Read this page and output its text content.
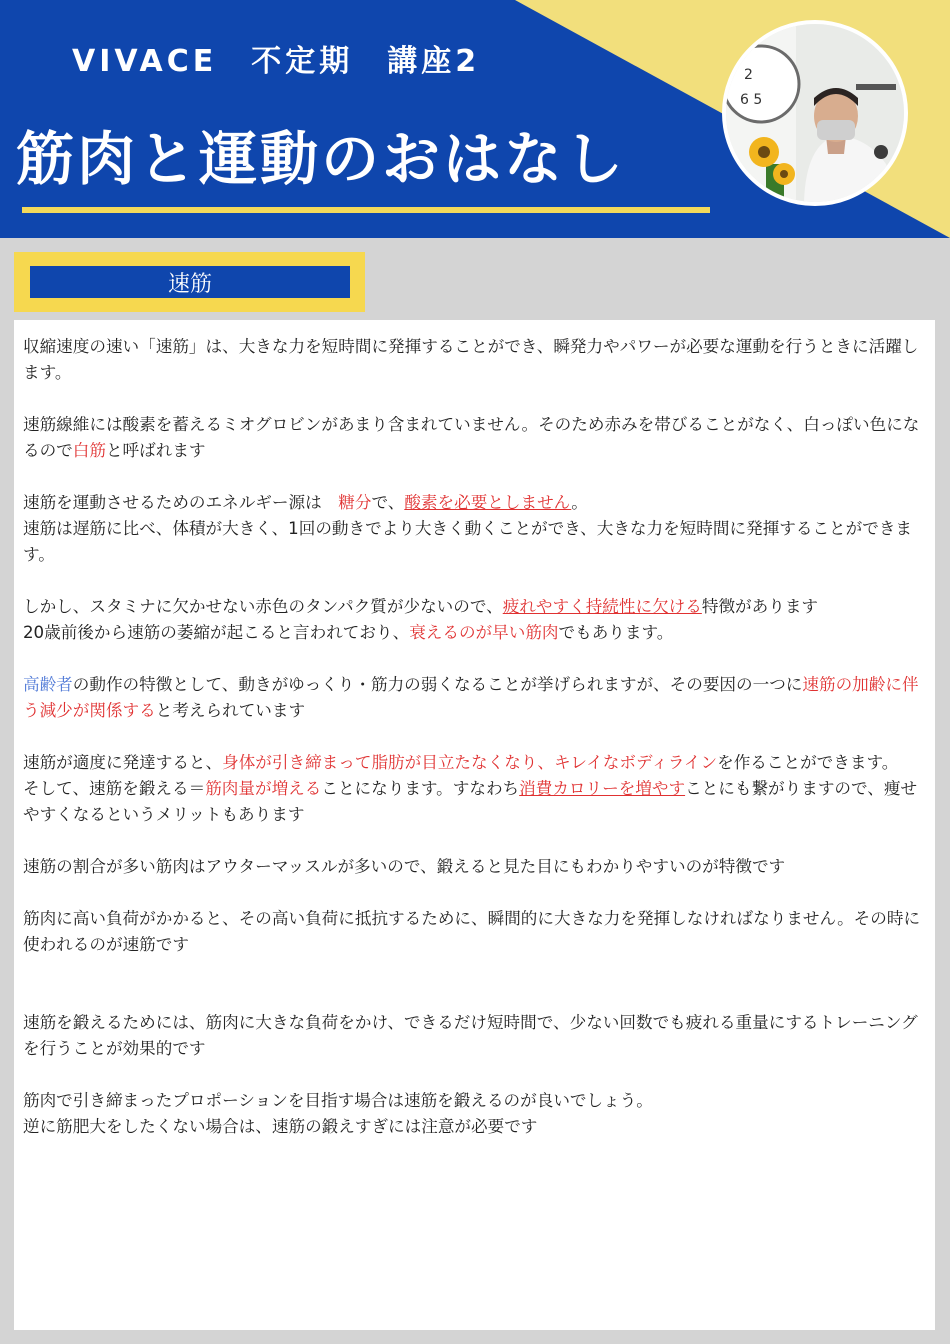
VIVACE　不定期　講座2
筋肉と運動のおはなし
2
6 5
速筋

収縮速度の速い「速筋」は、大きな力を短時間に発揮することができ、瞬発力やパワーが必要な運動を行うときに活躍します。

速筋線維には酸素を蓄えるミオグロビンがあまり含まれていません。そのため赤みを帯びることがなく、白っぽい色になるので白筋と呼ばれます

速筋を運動させるためのエネルギー源は　糖分で、酸素を必要としません。

速筋は遅筋に比べ、体積が大きく、1回の動きでより大きく動くことができ、大きな力を短時間に発揮することができます。

しかし、スタミナに欠かせない赤色のタンパク質が少ないので、疲れやすく持続性に欠ける特徴があります

20歳前後から速筋の萎縮が起こると言われており、衰えるのが早い筋肉でもあります。

高齢者の動作の特徴として、動きがゆっくり・筋力の弱くなることが挙げられますが、その要因の一つに速筋の加齢に伴う減少が関係すると考えられています

速筋が適度に発達すると、身体が引き締まって脂肪が目立たなくなり、キレイなボディラインを作ることができます。

そして、速筋を鍛える＝筋肉量が増えることになります。すなわち消費カロリーを増やすことにも繋がりますので、痩せやすくなるというメリットもあります

速筋の割合が多い筋肉はアウターマッスルが多いので、鍛えると見た目にもわかりやすいのが特徴です

筋肉に高い負荷がかかると、その高い負荷に抵抗するために、瞬間的に大きな力を発揮しなければなりません。その時に使われるのが速筋です

速筋を鍛えるためには、筋肉に大きな負荷をかけ、できるだけ短時間で、少ない回数でも疲れる重量にするトレーニングを行うことが効果的です

筋肉で引き締まったプロポーションを目指す場合は速筋を鍛えるのが良いでしょう。

逆に筋肥大をしたくない場合は、速筋の鍛えすぎには注意が必要です
